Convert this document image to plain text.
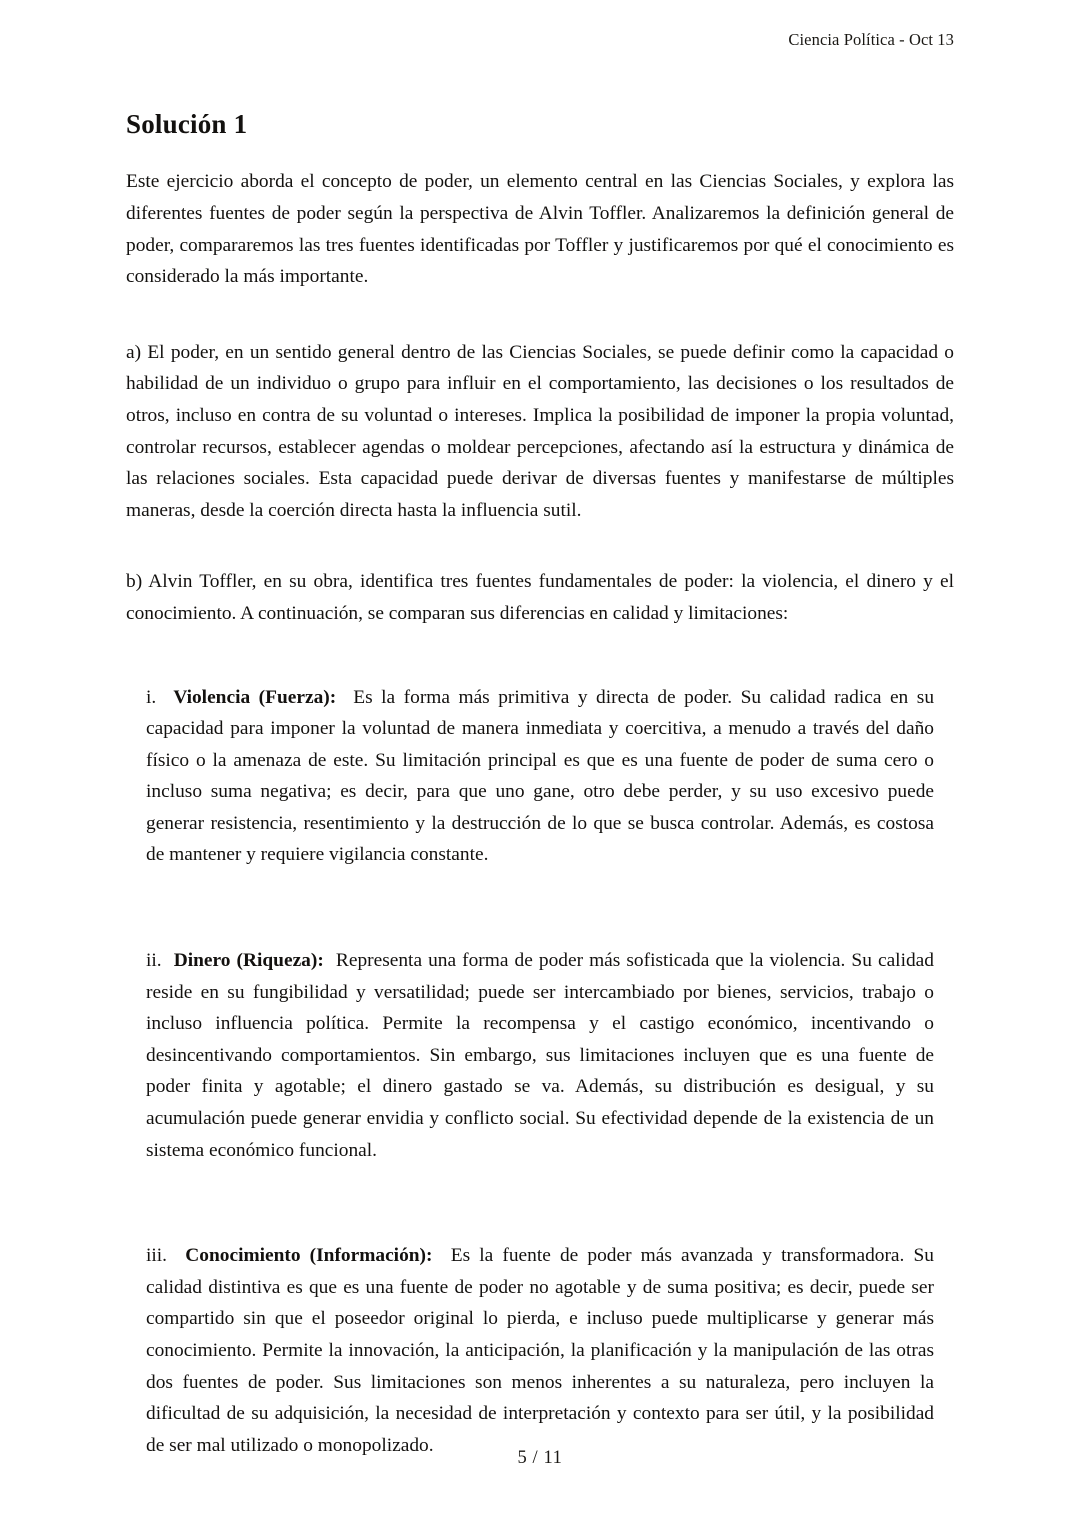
Ciencia Política - Oct 13
Solución 1

Este ejercicio aborda el concepto de poder, un elemento central en las Ciencias Sociales, y explora las diferentes fuentes de poder según la perspectiva de Alvin Toffler. Analizaremos la definición general de poder, compararemos las tres fuentes identificadas por Toffler y justificaremos por qué el conocimiento es considerado la más importante.

a) El poder, en un sentido general dentro de las Ciencias Sociales, se puede definir como la capacidad o habilidad de un individuo o grupo para influir en el comportamiento, las decisiones o los resultados de otros, incluso en contra de su voluntad o intereses. Implica la posibilidad de imponer la propia voluntad, controlar recursos, establecer agendas o moldear percepciones, afectando así la estructura y dinámica de las relaciones sociales. Esta capacidad puede derivar de diversas fuentes y manifestarse de múltiples maneras, desde la coerción directa hasta la influencia sutil.

b) Alvin Toffler, en su obra, identifica tres fuentes fundamentales de poder: la violencia, el dinero y el conocimiento. A continuación, se comparan sus diferencias en calidad y limitaciones:

i. Violencia (Fuerza): Es la forma más primitiva y directa de poder. Su calidad radica en su capacidad para imponer la voluntad de manera inmediata y coercitiva, a menudo a través del daño físico o la amenaza de este. Su limitación principal es que es una fuente de poder de suma cero o incluso suma negativa; es decir, para que uno gane, otro debe perder, y su uso excesivo puede generar resistencia, resentimiento y la destrucción de lo que se busca controlar. Además, es costosa de mantener y requiere vigilancia constante.
ii. Dinero (Riqueza): Representa una forma de poder más sofisticada que la violencia. Su calidad reside en su fungibilidad y versatilidad; puede ser intercambiado por bienes, servicios, trabajo o incluso influencia política. Permite la recompensa y el castigo económico, incentivando o desincentivando comportamientos. Sin embargo, sus limitaciones incluyen que es una fuente de poder finita y agotable; el dinero gastado se va. Además, su distribución es desigual, y su acumulación puede generar envidia y conflicto social. Su efectividad depende de la existencia de un sistema económico funcional.
iii. Conocimiento (Información): Es la fuente de poder más avanzada y transformadora. Su calidad distintiva es que es una fuente de poder no agotable y de suma positiva; es decir, puede ser compartido sin que el poseedor original lo pierda, e incluso puede multiplicarse y generar más conocimiento. Permite la innovación, la anticipación, la planificación y la manipulación de las otras dos fuentes de poder. Sus limitaciones son menos inherentes a su naturaleza, pero incluyen la dificultad de su adquisición, la necesidad de interpretación y contexto para ser útil, y la posibilidad de ser mal utilizado o monopolizado.
5 / 11
